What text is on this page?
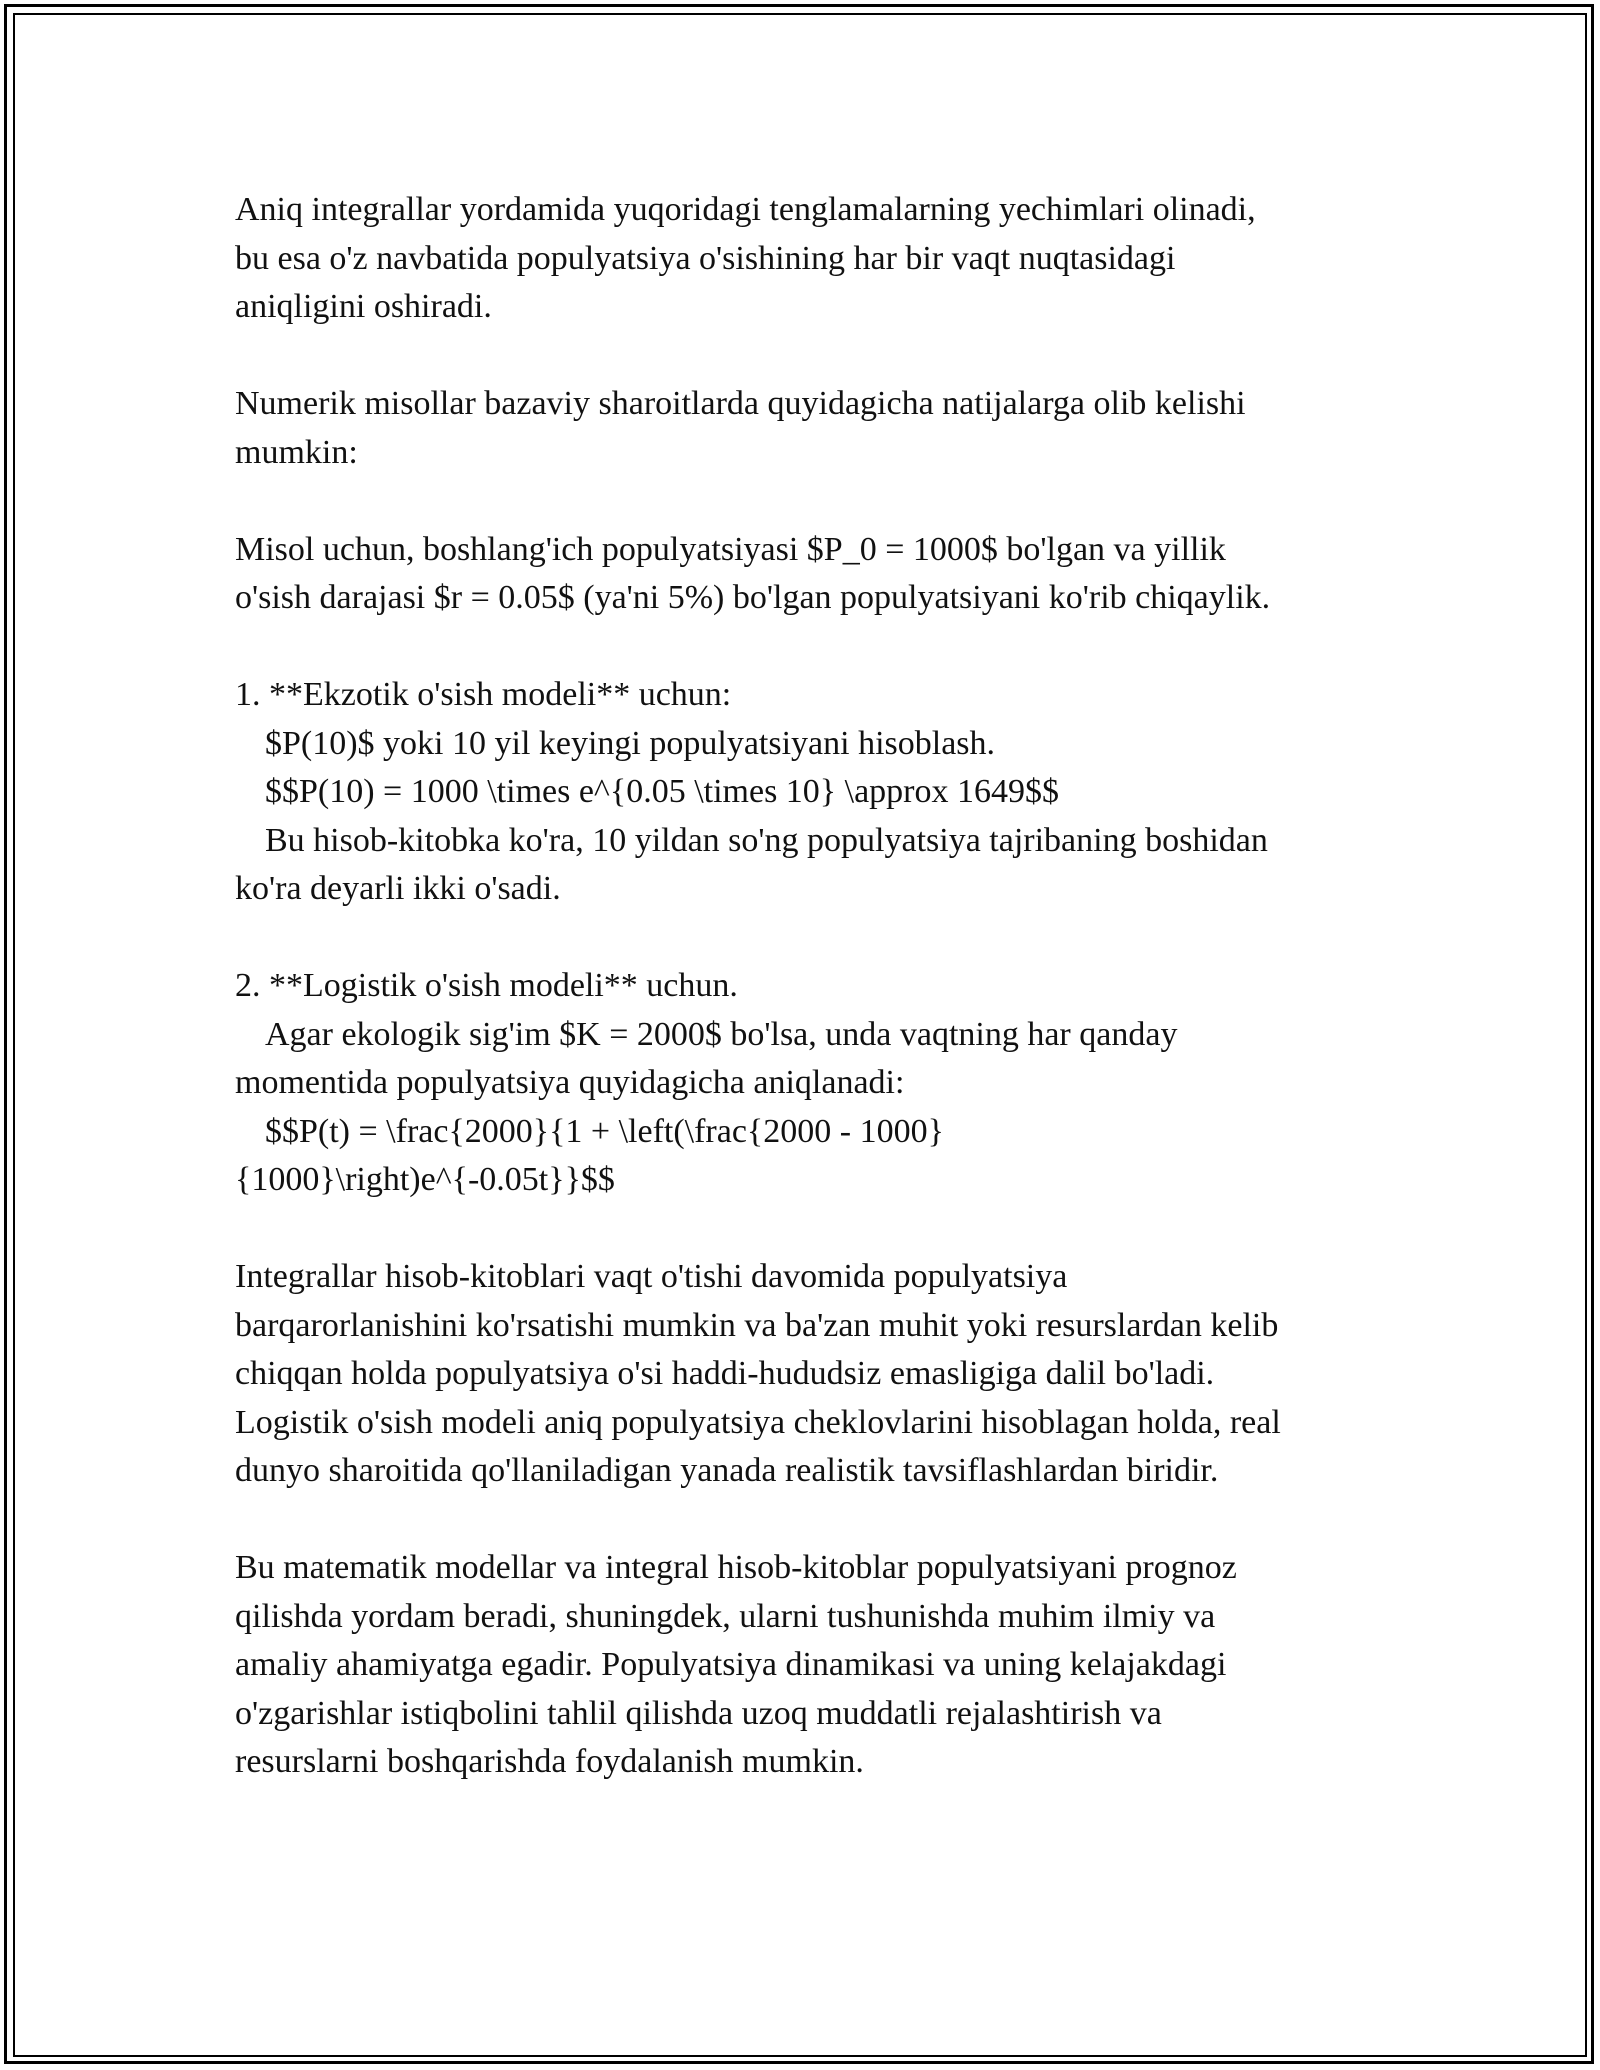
Aniq integrallar yordamida yuqoridagi tenglamalarning yechimlari olinadi,
bu esa o'z navbatida populyatsiya o'sishining har bir vaqt nuqtasidagi
aniqligini oshiradi.

Numerik misollar bazaviy sharoitlarda quyidagicha natijalarga olib kelishi
mumkin:

Misol uchun, boshlang'ich populyatsiyasi $P_0 = 1000$ bo'lgan va yillik
o'sish darajasi $r = 0.05$ (ya'ni 5%) bo'lgan populyatsiyani ko'rib chiqaylik.

1. **Ekzotik o'sish modeli** uchun:
$P(10)$ yoki 10 yil keyingi populyatsiyani hisoblash.
$$P(10) = 1000 \times e^{0.05 \times 10} \approx 1649$$
Bu hisob-kitobka ko'ra, 10 yildan so'ng populyatsiya tajribaning boshidan
ko'ra deyarli ikki o'sadi.
2. **Logistik o'sish modeli** uchun.
Agar ekologik sig'im $K = 2000$ bo'lsa, unda vaqtning har qanday
momentida populyatsiya quyidagicha aniqlanadi:
$$P(t) = \frac{2000}{1 + \left(\frac{2000 - 1000}
{1000}\right)e^{-0.05t}}$$

Integrallar hisob-kitoblari vaqt o'tishi davomida populyatsiya
barqarorlanishini ko'rsatishi mumkin va ba'zan muhit yoki resurslardan kelib
chiqqan holda populyatsiya o'si haddi-hududsiz emasligiga dalil bo'ladi.
Logistik o'sish modeli aniq populyatsiya cheklovlarini hisoblagan holda, real
dunyo sharoitida qo'llaniladigan yanada realistik tavsiflashlardan biridir.

Bu matematik modellar va integral hisob-kitoblar populyatsiyani prognoz
qilishda yordam beradi, shuningdek, ularni tushunishda muhim ilmiy va
amaliy ahamiyatga egadir. Populyatsiya dinamikasi va uning kelajakdagi
o'zgarishlar istiqbolini tahlil qilishda uzoq muddatli rejalashtirish va
resurslarni boshqarishda foydalanish mumkin.
